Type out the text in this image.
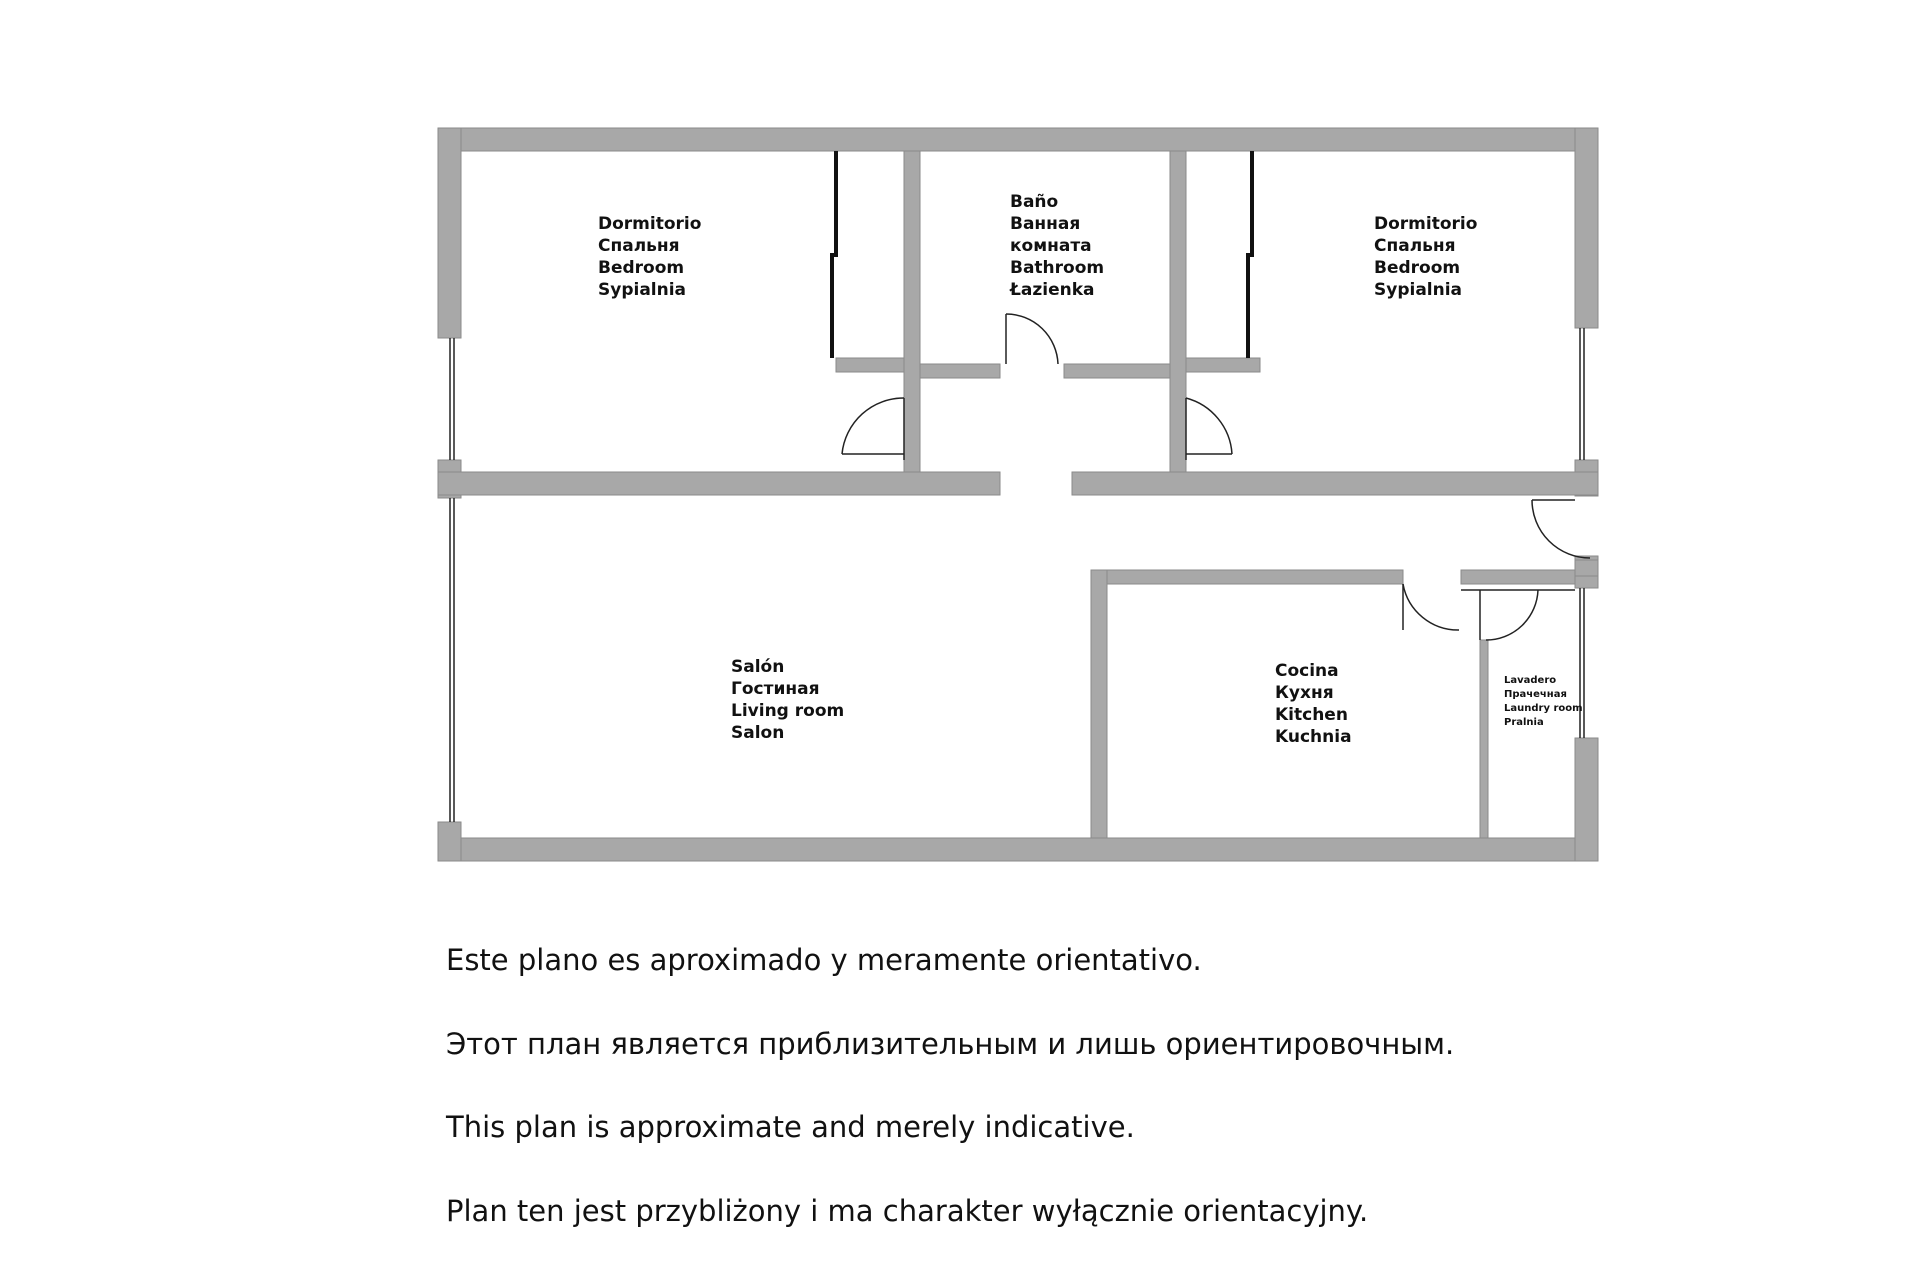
Dormitorio
Спальня
Bedroom
Sypialnia
Baño
Ванная
комната
Bathroom
Łazienka
Dormitorio
Спальня
Bedroom
Sypialnia
Salón
Гостиная
Living room
Salon
Cocina
Кухня
Kitchen
Kuchnia
Lavadero
Прачечная
Laundry room
Pralnia
Este plano es aproximado y meramente orientativo.
Этот план является приблизительным и лишь ориентировочным.
This plan is approximate and merely indicative.
Plan ten jest przybliżony i ma charakter wyłącznie orientacyjny.
